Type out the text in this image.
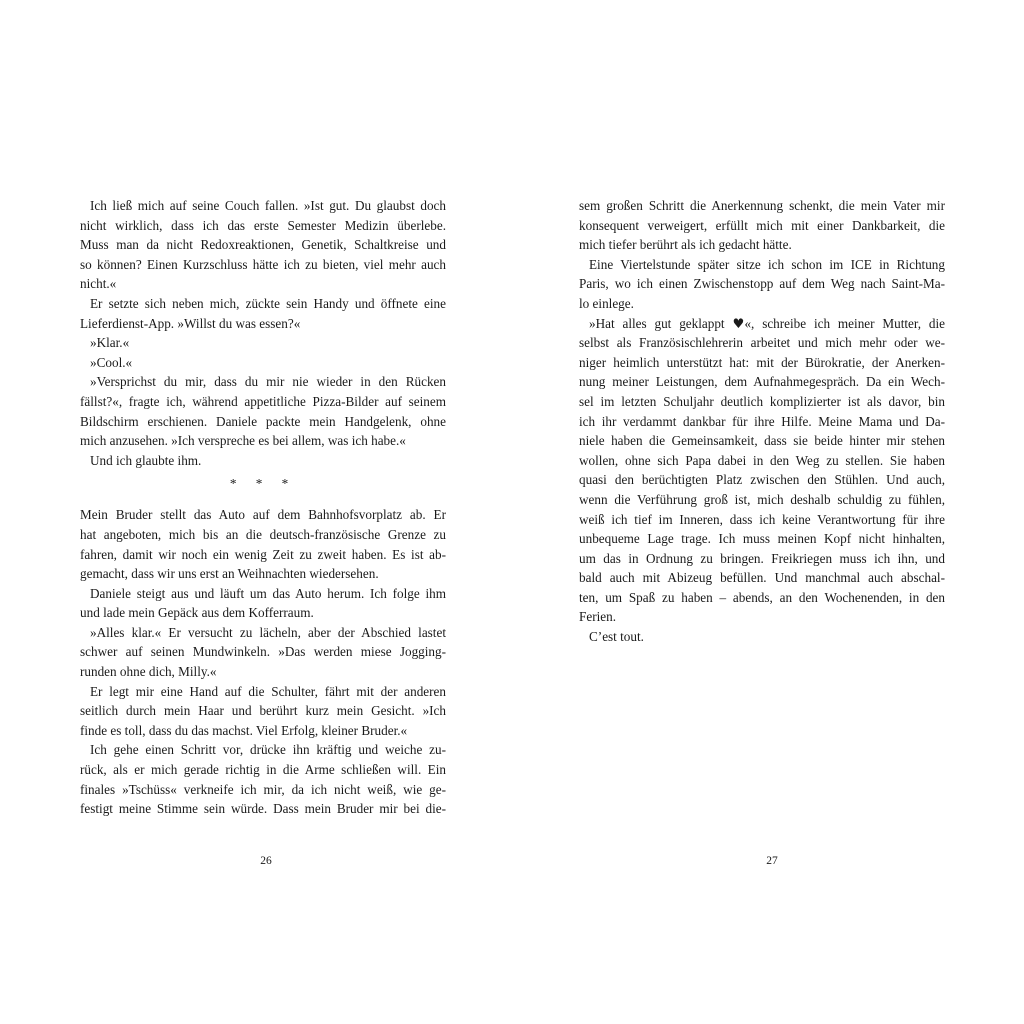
Ich ließ mich auf seine Couch fallen. »Ist gut. Du glaubst doch
nicht wirklich, dass ich das erste Semester Medizin überlebe.
Muss man da nicht Redoxreaktionen, Genetik, Schaltkreise und
so können? Einen Kurzschluss hätte ich zu bieten, viel mehr auch
nicht.«
Er setzte sich neben mich, zückte sein Handy und öffnete eine
Lieferdienst-App. »Willst du was essen?«
»Klar.«
»Cool.«
»Versprichst du mir, dass du mir nie wieder in den Rücken
fällst?«, fragte ich, während appetitliche Pizza-Bilder auf seinem
Bildschirm erschienen. Daniele packte mein Handgelenk, ohne
mich anzusehen. »Ich verspreche es bei allem, was ich habe.«
Und ich glaubte ihm.
* * *
Mein Bruder stellt das Auto auf dem Bahnhofsvorplatz ab. Er
hat angeboten, mich bis an die deutsch-französische Grenze zu
fahren, damit wir noch ein wenig Zeit zu zweit haben. Es ist ab-
gemacht, dass wir uns erst an Weihnachten wiedersehen.
Daniele steigt aus und läuft um das Auto herum. Ich folge ihm
und lade mein Gepäck aus dem Kofferraum.
»Alles klar.« Er versucht zu lächeln, aber der Abschied lastet
schwer auf seinen Mundwinkeln. »Das werden miese Jogging-
runden ohne dich, Milly.«
Er legt mir eine Hand auf die Schulter, fährt mit der anderen
seitlich durch mein Haar und berührt kurz mein Gesicht. »Ich
finde es toll, dass du das machst. Viel Erfolg, kleiner Bruder.«
Ich gehe einen Schritt vor, drücke ihn kräftig und weiche zu-
rück, als er mich gerade richtig in die Arme schließen will. Ein
finales »Tschüss« verkneife ich mir, da ich nicht weiß, wie ge-
festigt meine Stimme sein würde. Dass mein Bruder mir bei die-
sem großen Schritt die Anerkennung schenkt, die mein Vater mir
konsequent verweigert, erfüllt mich mit einer Dankbarkeit, die
mich tiefer berührt als ich gedacht hätte.
Eine Viertelstunde später sitze ich schon im ICE in Richtung
Paris, wo ich einen Zwischenstopp auf dem Weg nach Saint-Ma-
lo einlege.
»Hat alles gut geklappt ♥«, schreibe ich meiner Mutter, die
selbst als Französischlehrerin arbeitet und mich mehr oder we-
niger heimlich unterstützt hat: mit der Bürokratie, der Anerken-
nung meiner Leistungen, dem Aufnahmegespräch. Da ein Wech-
sel im letzten Schuljahr deutlich komplizierter ist als davor, bin
ich ihr verdammt dankbar für ihre Hilfe. Meine Mama und Da-
niele haben die Gemeinsamkeit, dass sie beide hinter mir stehen
wollen, ohne sich Papa dabei in den Weg zu stellen. Sie haben
quasi den berüchtigten Platz zwischen den Stühlen. Und auch,
wenn die Verführung groß ist, mich deshalb schuldig zu fühlen,
weiß ich tief im Inneren, dass ich keine Verantwortung für ihre
unbequeme Lage trage. Ich muss meinen Kopf nicht hinhalten,
um das in Ordnung zu bringen. Freikriegen muss ich ihn, und
bald auch mit Abizeug befüllen. Und manchmal auch abschal-
ten, um Spaß zu haben – abends, an den Wochenenden, in den
Ferien.
C’est tout.
26	27
